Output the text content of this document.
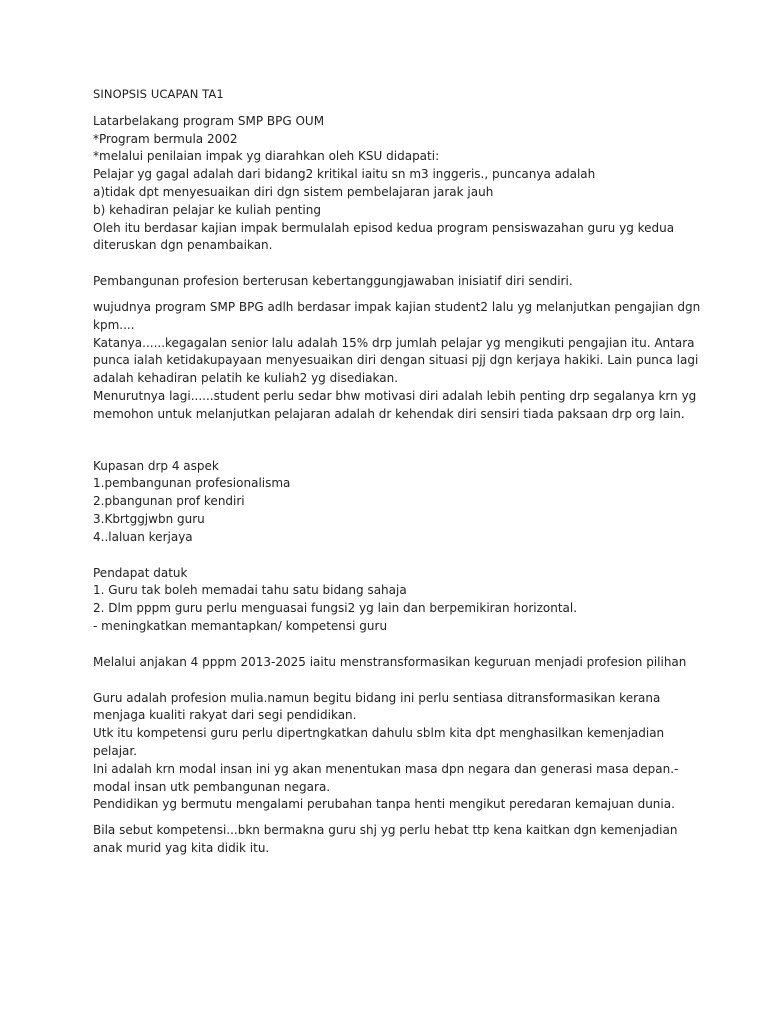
SINOPSIS UCAPAN TA1
Latarbelakang program SMP BPG OUM
*Program bermula 2002
*melalui penilaian impak yg diarahkan oleh KSU didapati:
Pelajar yg gagal adalah dari bidang2 kritikal iaitu sn m3 inggeris., puncanya adalah
a)tidak dpt menyesuaikan diri dgn sistem pembelajaran jarak jauh
b) kehadiran pelajar ke kuliah penting
Oleh itu berdasar kajian impak bermulalah episod kedua program pensiswazahan guru yg kedua
diteruskan dgn penambaikan.
Pembangunan profesion berterusan kebertanggungjawaban inisiatif diri sendiri.
wujudnya program SMP BPG adlh berdasar impak kajian student2 lalu yg melanjutkan pengajian dgn
kpm....
Katanya......kegagalan senior lalu adalah 15% drp jumlah pelajar yg mengikuti pengajian itu. Antara
punca ialah ketidakupayaan menyesuaikan diri dengan situasi pjj dgn kerjaya hakiki. Lain punca lagi
adalah kehadiran pelatih ke kuliah2 yg disediakan.
Menurutnya lagi......student perlu sedar bhw motivasi diri adalah lebih penting drp segalanya krn yg
memohon untuk melanjutkan pelajaran adalah dr kehendak diri sensiri tiada paksaan drp org lain.
Kupasan drp 4 aspek
1.pembangunan profesionalisma
2.pbangunan prof kendiri
3.Kbrtggjwbn guru
4..laluan kerjaya
Pendapat datuk
1. Guru tak boleh memadai tahu satu bidang sahaja
2. Dlm pppm guru perlu menguasai fungsi2 yg lain dan berpemikiran horizontal.
- meningkatkan memantapkan/ kompetensi guru
Melalui anjakan 4 pppm 2013-2025 iaitu menstransformasikan keguruan menjadi profesion pilihan
Guru adalah profesion mulia.namun begitu bidang ini perlu sentiasa ditransformasikan kerana
menjaga kualiti rakyat dari segi pendidikan.
Utk itu kompetensi guru perlu dipertngkatkan dahulu sblm kita dpt menghasilkan kemenjadian
pelajar.
Ini adalah krn modal insan ini yg akan menentukan masa dpn negara dan generasi masa depan.-
modal insan utk pembangunan negara.
Pendidikan yg bermutu mengalami perubahan tanpa henti mengikut peredaran kemajuan dunia.
Bila sebut kompetensi...bkn bermakna guru shj yg perlu hebat ttp kena kaitkan dgn kemenjadian
anak murid yag kita didik itu.
